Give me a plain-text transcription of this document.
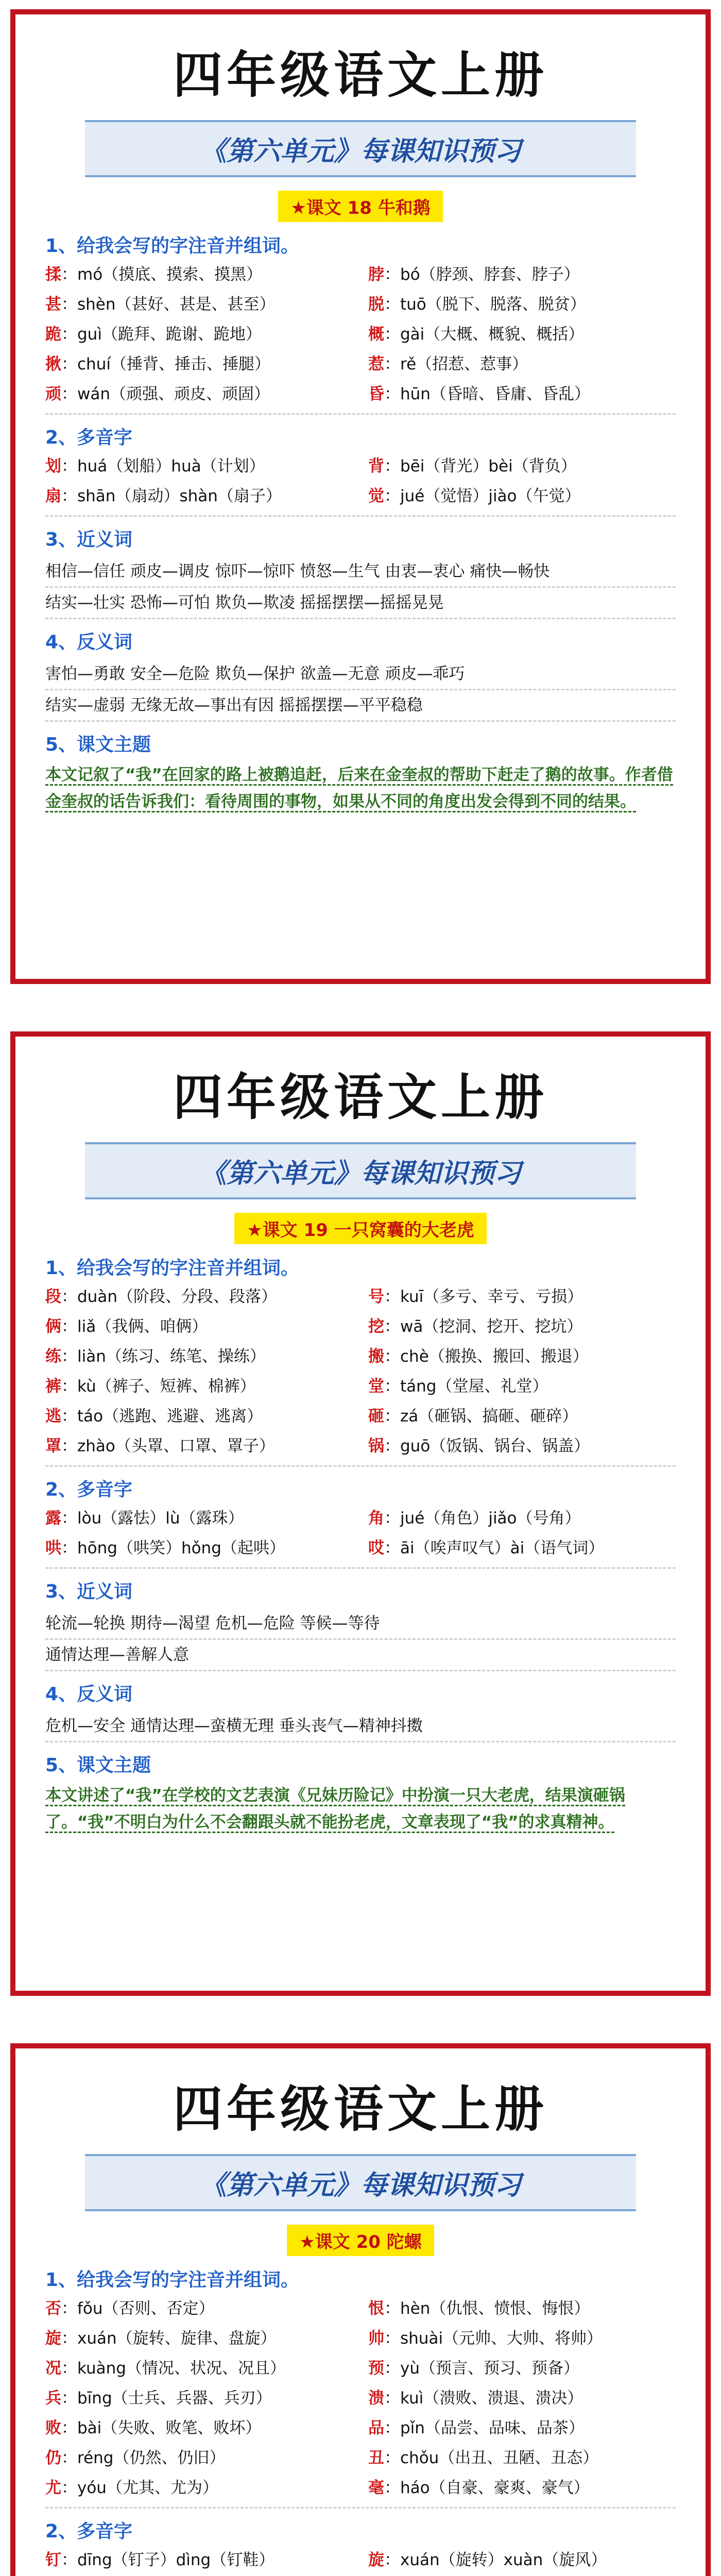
四年级语文上册
《第六单元》每课知识预习
★课文 18 牛和鹅
1、给我会写的字注音并组词。
揉：mó（摸底、摸索、摸黑）	脖：bó（脖颈、脖套、脖子）
甚：shèn（甚好、甚是、甚至）	脱：tuō（脱下、脱落、脱贫）
跪：guì（跪拜、跪谢、跪地）	概：gài（大概、概貌、概括）
揪：chuí（捶背、捶击、捶腿）	惹：rě（招惹、惹事）
顽：wán（顽强、顽皮、顽固）	昏：hūn（昏暗、昏庸、昏乱）
2、多音字
划：huá（划船）huà（计划）	背：bēi（背光）bèi（背负）
扇：shān（扇动）shàn（扇子）	觉：jué（觉悟）jiào（午觉）
3、近义词
相信—信任 顽皮—调皮 惊吓—惊吓 愤怒—生气 由衷—衷心 痛快—畅快
结实—壮实 恐怖—可怕 欺负—欺凌 摇摇摆摆—摇摇晃晃
4、反义词
害怕—勇敢 安全—危险 欺负—保护 欲盖—无意 顽皮—乖巧
结实—虚弱 无缘无故—事出有因 摇摇摆摆—平平稳稳
5、课文主题
本文记叙了“我”在回家的路上被鹅追赶，后来在金奎叔的帮助下赶走了鹅的故事。作者借金奎叔的话告诉我们：看待周围的事物，如果从不同的角度出发会得到不同的结果。
四年级语文上册
《第六单元》每课知识预习
★课文 19 一只窝囊的大老虎
1、给我会写的字注音并组词。
段：duàn（阶段、分段、段落）	号：kuī（多亏、幸亏、亏损）
俩：liǎ（我俩、咱俩）	挖：wā（挖洞、挖开、挖坑）
练：liàn（练习、练笔、操练）	搬：chè（搬换、搬回、搬退）
裤：kù（裤子、短裤、棉裤）	堂：táng（堂屋、礼堂）
逃：táo（逃跑、逃避、逃离）	砸：zá（砸锅、搞砸、砸碎）
罩：zhào（头罩、口罩、罩子）	锅：guō（饭锅、锅台、锅盖）
2、多音字
露：lòu（露怯）lù（露珠）	角：jué（角色）jiǎo（号角）
哄：hōng（哄笑）hǒng（起哄）	哎：āi（唉声叹气）ài（语气词）
3、近义词
轮流—轮换 期待—渴望 危机—危险 等候—等待
通情达理—善解人意
4、反义词
危机—安全 通情达理—蛮横无理 垂头丧气—精神抖擞
5、课文主题
本文讲述了“我”在学校的文艺表演《兄妹历险记》中扮演一只大老虎，结果演砸锅了。“我”不明白为什么不会翻跟头就不能扮老虎，文章表现了“我”的求真精神。
四年级语文上册
《第六单元》每课知识预习
★课文 20 陀螺
1、给我会写的字注音并组词。
否：fǒu（否则、否定）	恨：hèn（仇恨、愤恨、悔恨）
旋：xuán（旋转、旋律、盘旋）	帅：shuài（元帅、大帅、将帅）
况：kuàng（情况、状况、况且）	预：yù（预言、预习、预备）
兵：bīng（士兵、兵器、兵刃）	溃：kuì（溃败、溃退、溃决）
败：bài（失败、败笔、败坏）	品：pǐn（品尝、品味、品茶）
仍：réng（仍然、仍旧）	丑：chǒu（出丑、丑陋、丑态）
尤：yóu（尤其、尤为）	毫：háo（自豪、豪爽、豪气）
2、多音字
钉：dīng（钉子）dìng（钉鞋）	旋：xuán（旋转）xuàn（旋风）
